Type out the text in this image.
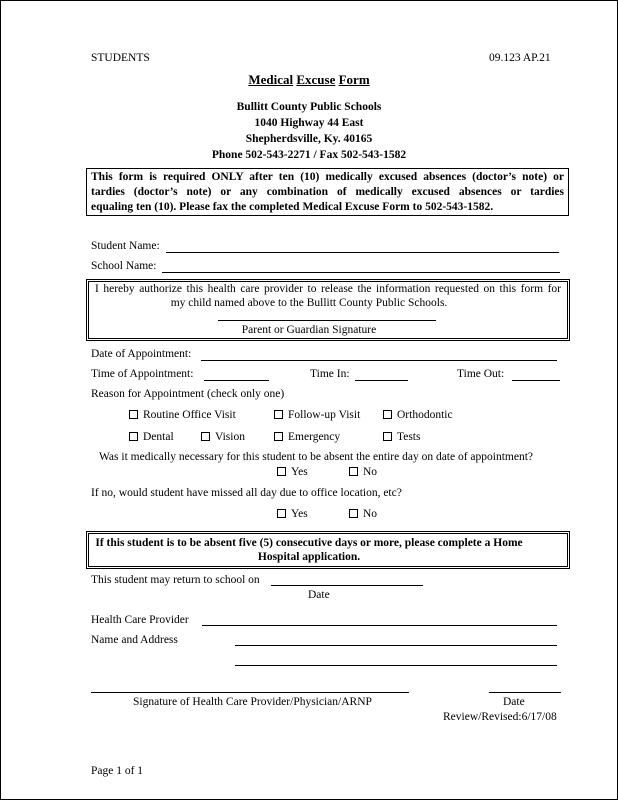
STUDENTS	09.123 AP.21
Medical Excuse Form
Bullitt County Public Schools
1040 Highway 44 East
Shepherdsville, Ky. 40165
Phone 502-543-2271 / Fax 502-543-1582
This form is required ONLY after ten (10) medically excused absences (doctor’s note) or
tardies (doctor’s note) or any combination of medically excused absences or tardies
equaling ten (10). Please fax the completed Medical Excuse Form to 502-543-1582.
Student Name:
School Name:
I hereby authorize this health care provider to release the information requested on this form for
my child named above to the Bullitt County Public Schools.
Parent or Guardian Signature
Date of Appointment:
Time of Appointment:	Time In:	Time Out:
Reason for Appointment (check only one)
Routine Office Visit	Follow-up Visit	Orthodontic
Dental	Vision	Emergency	Tests
Was it medically necessary for this student to be absent the entire day on date of appointment?
Yes	No
If no, would student have missed all day due to office location, etc?
Yes	No
If this student is to be absent five (5) consecutive days or more, please complete a Home
Hospital application.
This student may return to school on
Date
Health Care Provider
Name and Address
Signature of Health Care Provider/Physician/ARNP	Date
Review/Revised:6/17/08
Page 1 of 1
